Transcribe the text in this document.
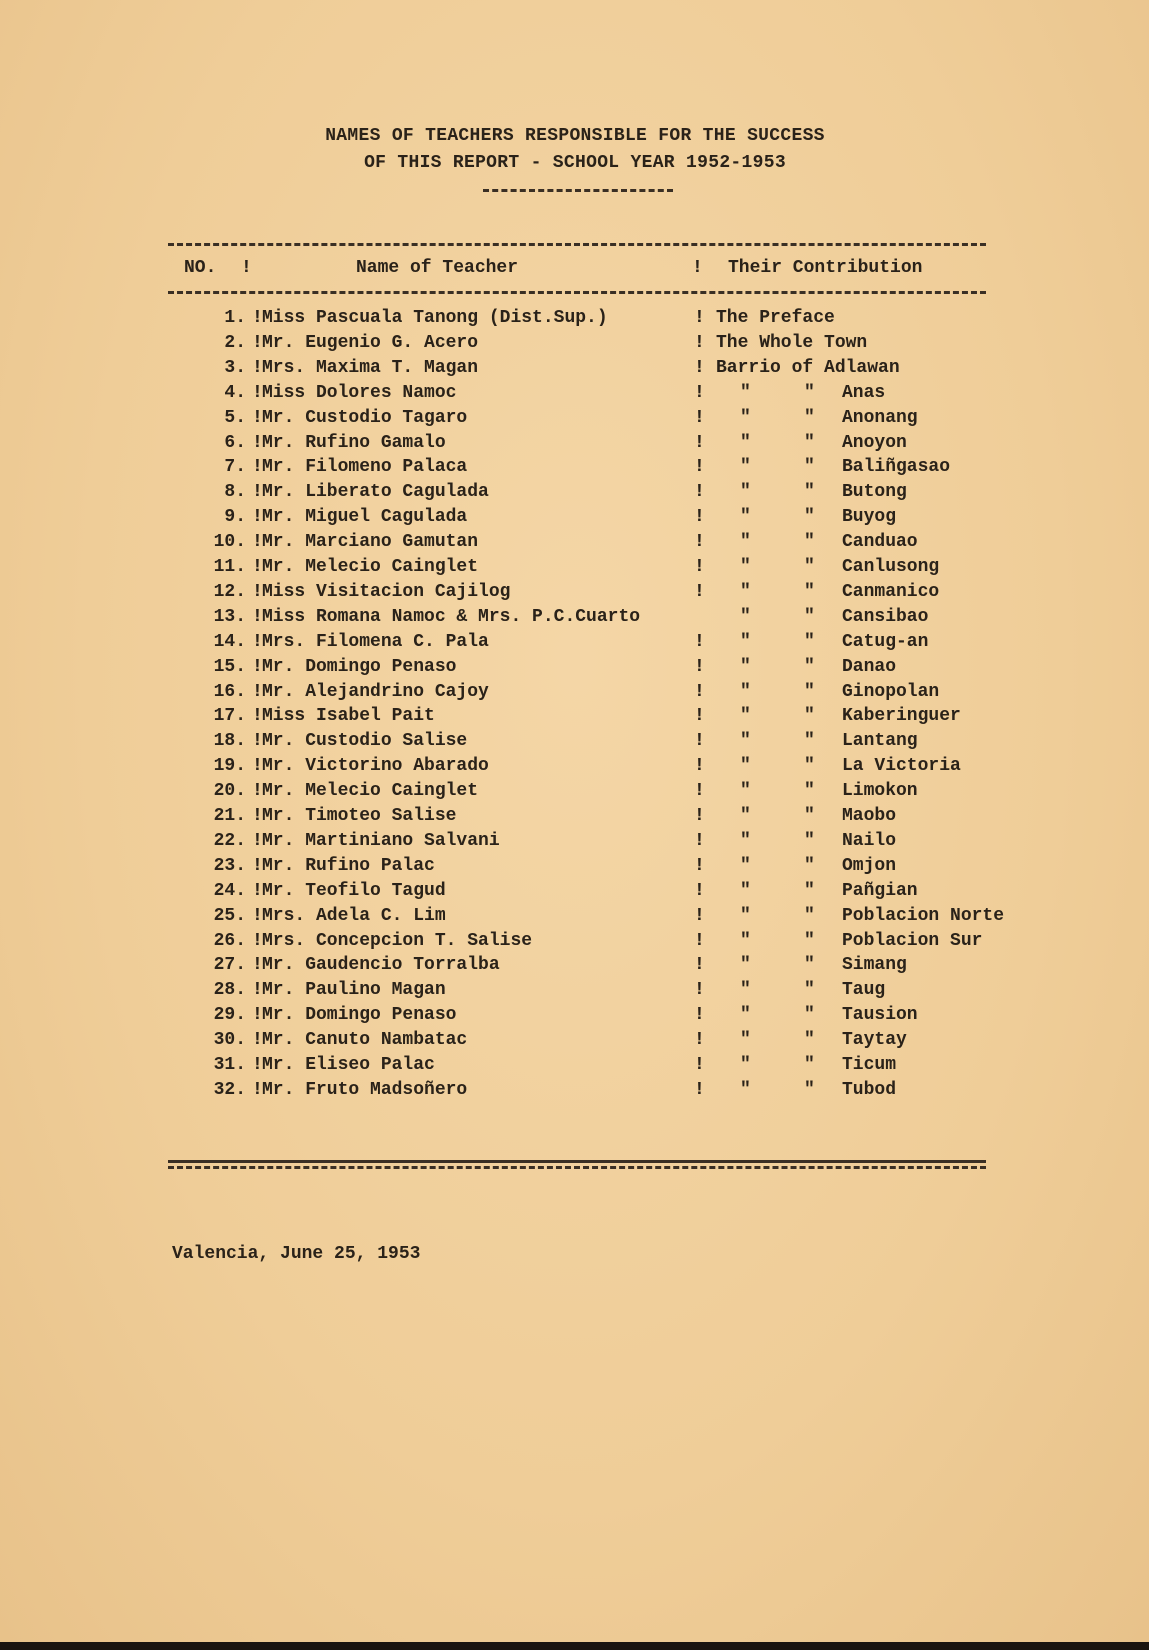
NAMES OF TEACHERS RESPONSIBLE FOR THE SUCCESS
OF THIS REPORT - SCHOOL YEAR 1952-1953
NO. !	Name of Teacher	! Their Contribution
1. ! Miss Pascuala Tanong (Dist.Sup.)	! The Preface
2. ! Mr. Eugenio G. Acero	! The Whole Town
3. ! Mrs. Maxima T. Magan	! Barrio of Adlawan
4. ! Miss Dolores Namoc	! "	" Anas
5. ! Mr. Custodio Tagaro	! "	" Anonang
6. ! Mr. Rufino Gamalo	! "	" Anoyon
7. ! Mr. Filomeno Palaca	! "	" Baliñgasao
8. ! Mr. Liberato Cagulada	! "	" Butong
9. ! Mr. Miguel Cagulada	! "	" Buyog
10. ! Mr. Marciano Gamutan	! "	" Canduao
11. ! Mr. Melecio Cainglet	! "	" Canlusong
12. ! Miss Visitacion Cajilog	! "	" Canmanico
13. ! Miss Romana Namoc & Mrs. P.C.Cuarto	"	" Cansibao
14. ! Mrs. Filomena C. Pala	! "	" Catug-an
15. ! Mr. Domingo Penaso	! "	" Danao
16. ! Mr. Alejandrino Cajoy	! "	" Ginopolan
17. ! Miss Isabel Pait	! "	" Kaberinguer
18. ! Mr. Custodio Salise	! "	" Lantang
19. ! Mr. Victorino Abarado	! "	" La Victoria
20. ! Mr. Melecio Cainglet	! "	" Limokon
21. ! Mr. Timoteo Salise	! "	" Maobo
22. ! Mr. Martiniano Salvani	! "	" Nailo
23. ! Mr. Rufino Palac	! "	" Omjon
24. ! Mr. Teofilo Tagud	! "	" Pañgian
25. ! Mrs. Adela C. Lim	! "	" Poblacion Norte
26. ! Mrs. Concepcion T. Salise	! "	" Poblacion Sur
27. ! Mr. Gaudencio Torralba	! "	" Simang
28. ! Mr. Paulino Magan	! "	" Taug
29. ! Mr. Domingo Penaso	! "	" Tausion
30. ! Mr. Canuto Nambatac	! "	" Taytay
31. ! Mr. Eliseo Palac	! "	" Ticum
32. ! Mr. Fruto Madsoñero	! "	" Tubod
Valencia, June 25, 1953
